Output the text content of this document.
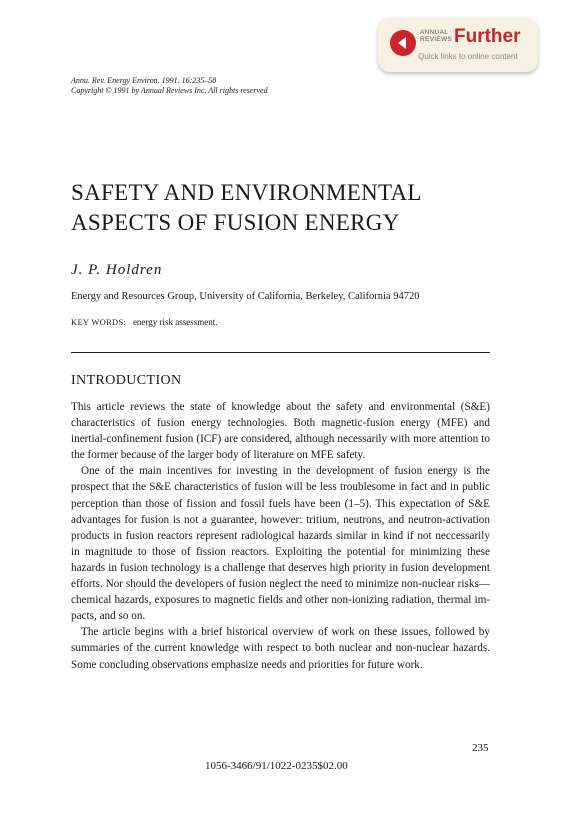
ANNUAL
REVIEWS Further
Quick links to online content
Annu. Rev. Energy Environ. 1991. 16:235–58
Copyright © 1991 by Annual Reviews Inc. All rights reserved
SAFETY AND ENVIRONMENTAL ASPECTS OF FUSION ENERGY
J. P. Holdren
Energy and Resources Group, University of California, Berkeley, California 94720
KEY WORDS: energy risk assessment.
INTRODUCTION

This article reviews the state of knowledge about the safety and environmental (S&E) characteristics of fusion energy technologies. Both magnetic-fusion energy (MFE) and inertial-confinement fusion (ICF) are considered, although necessarily with more attention to the former because of the larger body of literature on MFE safety.

One of the main incentives for investing in the development of fusion energy is the prospect that the S&E characteristics of fusion will be less troublesome in fact and in public perception than those of fission and fossil fuels have been (1–5). This expectation of S&E advantages for fusion is not a guarantee, however: tritium, neutrons, and neutron-activation products in fusion reactors represent radiological hazards similar in kind if not neccessarily in magnitude to those of fission reactors. Exploiting the potential for minimizing these hazards in fusion technology is a challenge that deserves high priority in fusion development efforts. Nor should the developers of fusion neglect the need to minimize non-nuclear risks—chemical hazards, exposures to magnetic fields and other non-ionizing radiation, thermal impacts, and so on.

The article begins with a brief historical overview of work on these issues, followed by summaries of the current knowledge with respect to both nuclear and non-nuclear hazards. Some concluding observations emphasize needs and priorities for future work.

235
1056-3466/91/1022-0235$02.00
